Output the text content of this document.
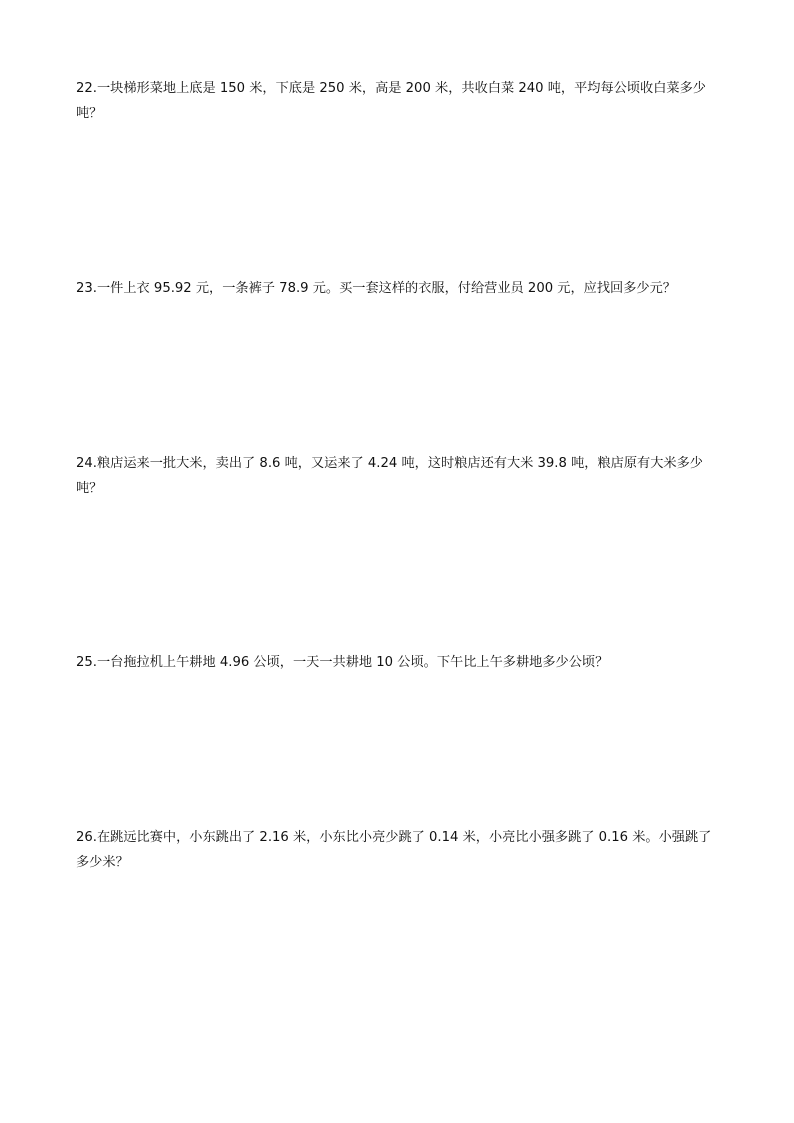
22.一块梯形菜地上底是 150 米，下底是 250 米，高是 200 米，共收白菜 240 吨，平均每公顷收白菜多少吨？
23.一件上衣 95.92 元，一条裤子 78.9 元。买一套这样的衣服，付给营业员 200 元，应找回多少元？
24.粮店运来一批大米，卖出了 8.6 吨，又运来了 4.24 吨，这时粮店还有大米 39.8 吨，粮店原有大米多少吨？
25.一台拖拉机上午耕地 4.96 公顷，一天一共耕地 10 公顷。下午比上午多耕地多少公顷？
26.在跳远比赛中，小东跳出了 2.16 米，小东比小亮少跳了 0.14 米，小亮比小强多跳了 0.16 米。小强跳了多少米？
